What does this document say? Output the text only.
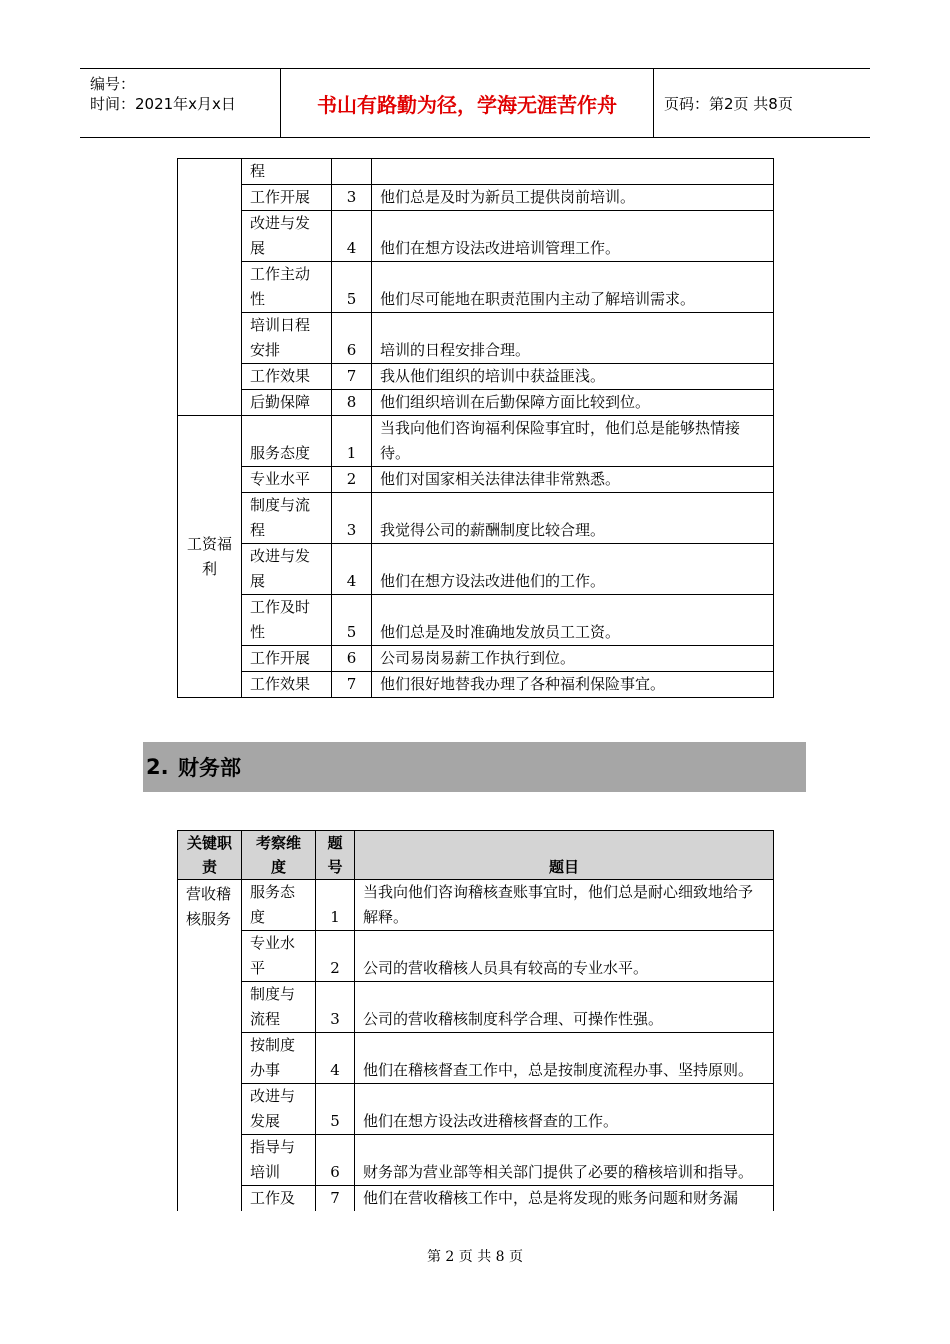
编号：
时间：2021年x月x日	书山有路勤为径，学海无涯苦作舟	页码：第2页 共8页
	程		
	工作开展	3	他们总是及时为新员工提供岗前培训。
	改进与发展	4	他们在想方设法改进培训管理工作。
	工作主动性	5	他们尽可能地在职责范围内主动了解培训需求。
	培训日程安排	6	培训的日程安排合理。
	工作效果	7	我从他们组织的培训中获益匪浅。
	后勤保障	8	他们组织培训在后勤保障方面比较到位。
工资福利	服务态度	1	当我向他们咨询福利保险事宜时，他们总是能够热情接待。
	专业水平	2	他们对国家相关法律法律非常熟悉。
	制度与流程	3	我觉得公司的薪酬制度比较合理。
	改进与发展	4	他们在想方设法改进他们的工作。
	工作及时性	5	他们总是及时准确地发放员工工资。
	工作开展	6	公司易岗易薪工作执行到位。
	工作效果	7	他们很好地替我办理了各种福利保险事宜。
2. 财务部
关键职责	考察维度	题号	题目
营收稽核服务	服务态度	1	当我向他们咨询稽核查账事宜时，他们总是耐心细致地给予解释。
	专业水平	2	公司的营收稽核人员具有较高的专业水平。
	制度与流程	3	公司的营收稽核制度科学合理、可操作性强。
	按制度办事	4	他们在稽核督查工作中，总是按制度流程办事、坚持原则。
	改进与发展	5	他们在想方设法改进稽核督查的工作。
	指导与培训	6	财务部为营业部等相关部门提供了必要的稽核培训和指导。
	工作及	7	他们在营收稽核工作中，总是将发现的账务问题和财务漏
第 2 页 共 8 页
